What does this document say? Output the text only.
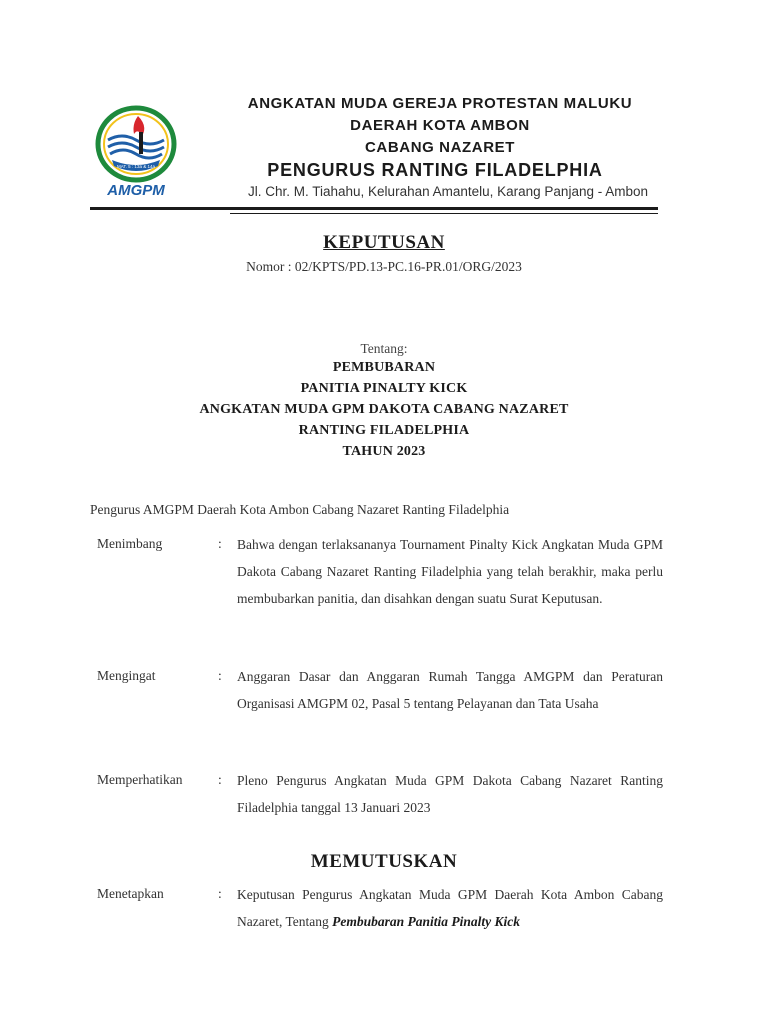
MAT. 5 : 13a & 14a
AMGPM
ANGKATAN MUDA GEREJA PROTESTAN MALUKU
DAERAH KOTA AMBON
CABANG NAZARET
PENGURUS RANTING FILADELPHIA
Jl. Chr. M. Tiahahu, Kelurahan Amantelu, Karang Panjang - Ambon
KEPUTUSAN
Nomor : 02/KPTS/PD.13-PC.16-PR.01/ORG/2023
Tentang:
PEMBUBARAN
PANITIA PINALTY KICK
ANGKATAN MUDA GPM DAKOTA CABANG NAZARET
RANTING FILADELPHIA
TAHUN 2023
Pengurus AMGPM Daerah Kota Ambon Cabang Nazaret Ranting Filadelphia
Menimbang	: Bahwa dengan terlaksananya Tournament Pinalty Kick Angkatan Muda GPM Dakota Cabang Nazaret Ranting Filadelphia yang telah berakhir, maka perlu membubarkan panitia, dan disahkan dengan suatu Surat Keputusan.

Mengingat	: Anggaran Dasar dan Anggaran Rumah Tangga AMGPM dan Peraturan Organisasi AMGPM 02, Pasal 5 tentang Pelayanan dan Tata Usaha

Memperhatikan	: Pleno Pengurus Angkatan Muda GPM Dakota Cabang Nazaret Ranting Filadelphia tanggal 13 Januari 2023

MEMUTUSKAN
Menetapkan	: Keputusan Pengurus Angkatan Muda GPM Daerah Kota Ambon Cabang Nazaret, Tentang Pembubaran Panitia Pinalty Kick
